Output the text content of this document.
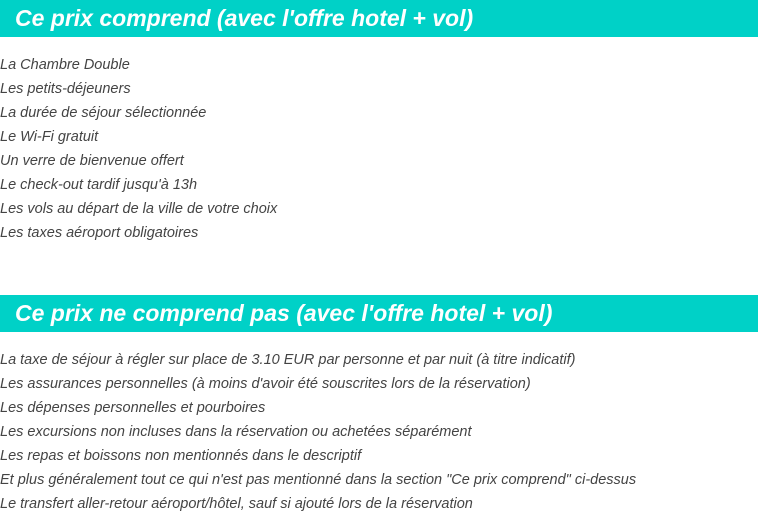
Ce prix comprend (avec l'offre hotel + vol)
La Chambre Double
Les petits-déjeuners
La durée de séjour sélectionnée
Le Wi-Fi gratuit
Un verre de bienvenue offert
Le check-out tardif jusqu'à 13h
Les vols au départ de la ville de votre choix
Les taxes aéroport obligatoires
Ce prix ne comprend pas (avec l'offre hotel + vol)
La taxe de séjour à régler sur place de 3.10 EUR par personne et par nuit (à titre indicatif)
Les assurances personnelles (à moins d'avoir été souscrites lors de la réservation)
Les dépenses personnelles et pourboires
Les excursions non incluses dans la réservation ou achetées séparément
Les repas et boissons non mentionnés dans le descriptif
Et plus généralement tout ce qui n'est pas mentionné dans la section "Ce prix comprend" ci-dessus
Le transfert aller-retour aéroport/hôtel, sauf si ajouté lors de la réservation
